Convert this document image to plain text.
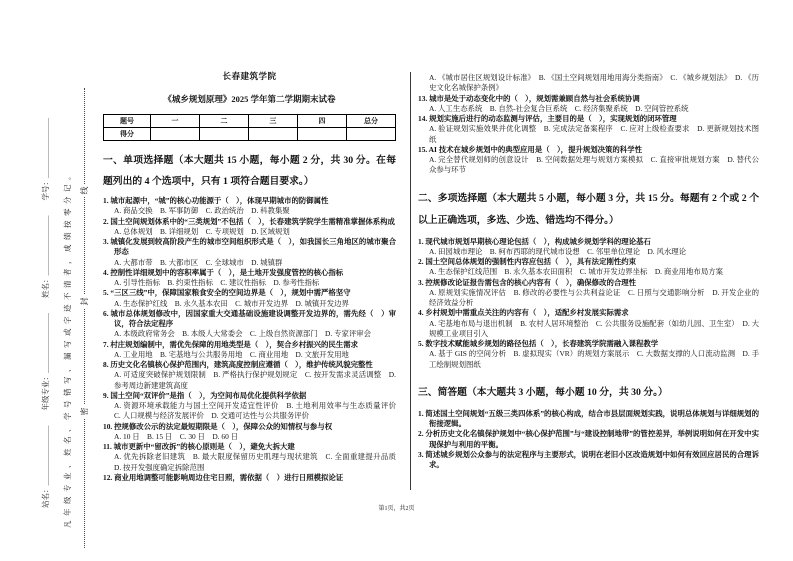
站名：＿＿＿＿＿＿＿＿　　年级专业：＿＿＿＿＿＿＿＿　　姓名：＿＿＿＿＿＿＿＿　　学号：＿＿＿＿＿＿＿＿ 凡年级专业、姓名、学号错写、漏写或字迹不清者，成绩按零分记。	线
封
密
长春建筑学院
《城乡规划原理》2025 学年第二学期期末试卷
题号	一	二	三	四	总分
得分					
一、单项选择题（本大题共 15 小题，每小题 2 分，共 30 分。在每题列出的 4 个选项中，只有 1 项符合题目要求。）
1. 城市起源中，“城”的核心功能源于（　），体现早期城市的防御属性
A. 商品交换　B. 军事防御　C. 政治统治　D. 科教集聚
2. 国土空间规划体系中的“三类规划”不包括（　），长春建筑学院学生需精准掌握体系构成
A. 总体规划　B. 详细规划　C. 专项规划　D. 区域规划
3. 城镇化发展到较高阶段产生的城市空间组织形式是（　），如我国长三角地区的城市聚合形态
A. 大都市带　B. 大都市区　C. 全球城市　D. 城镇群
4. 控制性详细规划中的容积率属于（　），是土地开发强度管控的核心指标
A. 引导性指标　B. 约束性指标　C. 建议性指标　D. 参考性指标
5. “三区三线”中，保障国家粮食安全的空间边界是（　），规划中需严格坚守
A. 生态保护红线　B. 永久基本农田　C. 城市开发边界　D. 城镇开发边界
6. 城市总体规划修改中，因国家重大交通基础设施建设调整开发边界的，需先经（　）审议，符合法定程序
A. 本级政府常务会　B. 本级人大常委会　C. 上级自然资源部门　D. 专家评审会
7. 村庄规划编制中，需优先保障的用地类型是（　），契合乡村振兴的民生需求
A. 工业用地　B. 宅基地与公共服务用地　C. 商业用地　D. 文旅开发用地
8. 历史文化名镇核心保护范围内，建筑高度控制应遵循（　），维护传统风貌完整性
A. 可适度突破保护规划限制　B. 严格执行保护规划规定　C. 按开发需求灵活调整　D. 参考周边新建建筑高度
9. 国土空间“双评价”是指（　），为空间布局优化提供科学依据
A. 资源环境承载能力与国土空间开发适宜性评价　B. 土地利用效率与生态质量评价　C. 人口规模与经济发展评价　D. 交通可达性与公共服务评价
10. 控规修改公示的法定最短期限是（　），保障公众的知情权与参与权
A. 10 日　B. 15 日　C. 30 日　D. 60 日
11. 城市更新中“留改拆”的核心原则是（　），避免大拆大建
A. 优先拆除老旧建筑　B. 最大限度保留历史肌理与现状建筑　C. 全面重建提升品质　D. 按开发强度确定拆除范围
12. 商业用地调整可能影响周边住宅日照，需依据（　）进行日照模拟论证
A. 《城市居住区规划设计标准》　B. 《国土空间规划用地用海分类指南》　C. 《城乡规划法》　D. 《历史文化名城保护条例》
13. 城市是处于动态变化中的（　），规划需兼顾自然与社会系统协调
A. 人工生态系统　B. 自然-社会复合巨系统　C. 经济集聚系统　D. 空间管控系统
14. 规划实施后进行的动态监测与评估，主要目的是（　），实现规划的闭环管理
A. 验证规划实施效果并优化调整　B. 完成法定备案程序　C. 应对上级检查要求　D. 更新规划技术图纸
15. AI 技术在城乡规划中的典型应用是（　），提升规划决策的科学性
A. 完全替代规划师的创意设计　B. 空间数据处理与规划方案模拟　C. 直接审批规划方案　D. 替代公众参与环节
二、多项选择题（本大题共 5 小题，每小题 3 分，共 15 分。每题有 2 个或 2 个以上正确选项，多选、少选、错选均不得分。）
1. 现代城市规划早期核心理论包括（　），构成城乡规划学科的理论基石
A. 田园城市理论　B. 柯布西耶的现代城市设想　C. 邻里单位理论　D. 风水理论
2. 国土空间总体规划的强制性内容应包括（　），具有法定刚性约束
A. 生态保护红线范围　B. 永久基本农田面积　C. 城市开发边界坐标　D. 商业用地布局方案
3. 控规修改论证报告需包含的核心内容有（　），确保修改的合理性
A. 原规划实施情况评估　B. 修改的必要性与公共利益论证　C. 日照与交通影响分析　D. 开发企业的经济效益分析
4. 乡村规划中需重点关注的内容有（　），适配乡村发展实际需求
A. 宅基地布局与退出机制　B. 农村人居环境整治　C. 公共服务设施配套（如幼儿园、卫生室）　D. 大规模工业项目引入
5. 数字技术赋能城乡规划的路径包括（　），长春建筑学院需融入课程教学
A. 基于 GIS 的空间分析　B. 虚拟现实（VR）的规划方案展示　C. 大数据支撑的人口流动监测　D. 手工绘制规划图纸
三、简答题（本大题共 3 小题，每小题 10 分，共 30 分。）
1. 简述国土空间规划“五级三类四体系”的核心构成，结合市县层面规划实践，说明总体规划与详细规划的衔接逻辑。
2. 分析历史文化名镇保护规划中“核心保护范围”与“建设控制地带”的管控差异，举例说明如何在开发中实现保护与利用的平衡。
3. 简述城乡规划公众参与的法定程序与主要形式，说明在老旧小区改造规划中如何有效回应居民的合理诉求。
第1页，共2页
